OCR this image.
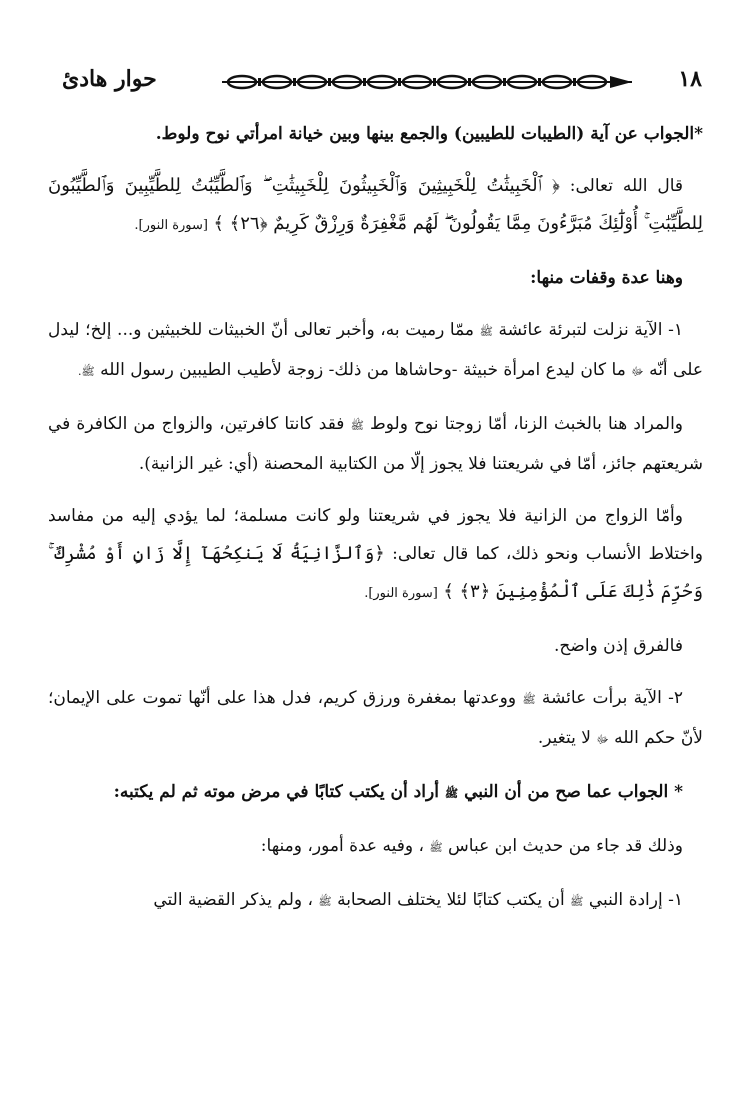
حوار هادئ	١٨

*الجواب عن آية (الطيبات للطيبين) والجمع بينها وبين خيانة امرأتي نوح ولوط.

قال الله تعالى: ﴿ ٱلْخَبِيثَٰتُ لِلْخَبِيثِينَ وَٱلْخَبِيثُونَ لِلْخَبِيثَٰتِ ۖ وَٱلطَّيِّبَٰتُ لِلطَّيِّبِينَ وَٱلطَّيِّبُونَ لِلطَّيِّبَٰتِ ۚ أُوْلَٰٓئِكَ مُبَرَّءُونَ مِمَّا يَقُولُونَ ۖ لَهُم مَّغْفِرَةٌ وَرِزْقٌ كَرِيمٌ ﴿٢٦﴾ ﴾ [سورة النور].

وهنا عدة وقفات منها:

١- الآية نزلت لتبرئة عائشة ﷺ ممّا رميت به، وأخبر تعالى أنّ الخبيثات للخبيثين و... إلخ؛ ليدل على أنّه ﷻ ما كان ليدع امرأة خبيثة -وحاشاها من ذلك- زوجة لأطيب الطيبين رسول الله ﷺ.

والمراد هنا بالخبث الزنا، أمّا زوجتا نوح ولوط ﷺ فقد كانتا كافرتين، والزواج من الكافرة في شريعتهم جائز، أمّا في شريعتنا فلا يجوز إلّا من الكتابية المحصنة (أي: غير الزانية).

وأمّا الزواج من الزانية فلا يجوز في شريعتنا ولو كانت مسلمة؛ لما يؤدي إليه من مفاسد واختلاط الأنساب ونحو ذلك، كما قال تعالى: ﴿وَٱلزَّانِيَةُ لَا يَنكِحُهَآ إِلَّا زَانٍ أَوْ مُشْرِكٌ ۚ وَحُرِّمَ ذَٰلِكَ عَلَى ٱلْمُؤْمِنِينَ ﴿٣﴾ ﴾ [سورة النور].

فالفرق إذن واضح.

٢- الآية برأت عائشة ﷺ ووعدتها بمغفرة ورزق كريم، فدل هذا على أنّها تموت على الإيمان؛ لأنّ حكم الله ﷻ لا يتغير.

* الجواب عما صح من أن النبي ﷺ أراد أن يكتب كتابًا في مرض موته ثم لم يكتبه:

وذلك قد جاء من حديث ابن عباس ﷺ ، وفيه عدة أمور، ومنها:

١- إرادة النبي ﷺ أن يكتب كتابًا لئلا يختلف الصحابة ﷺ ، ولم يذكر القضية التي
